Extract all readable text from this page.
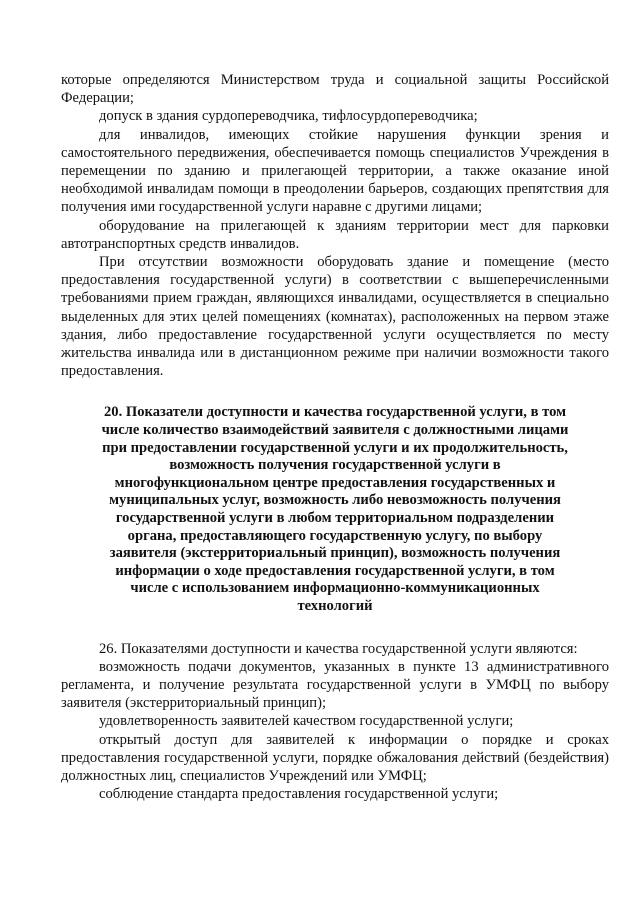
которые определяются Министерством труда и социальной защиты Российской Федерации;

допуск в здания сурдопереводчика, тифлосурдопереводчика;

для инвалидов, имеющих стойкие нарушения функции зрения и самостоятельного передвижения, обеспечивается помощь специалистов Учреждения в перемещении по зданию и прилегающей территории, а также оказание иной необходимой инвалидам помощи в преодолении барьеров, создающих препятствия для получения ими государственной услуги наравне с другими лицами;

оборудование на прилегающей к зданиям территории мест для парковки автотранспортных средств инвалидов.

При отсутствии возможности оборудовать здание и помещение (место предоставления государственной услуги) в соответствии с вышеперечисленными требованиями прием граждан, являющихся инвалидами, осуществляется в специально выделенных для этих целей помещениях (комнатах), расположенных на первом этаже здания, либо предоставление государственной услуги осуществляется по месту жительства инвалида или в дистанционном режиме при наличии возможности такого предоставления.

20. Показатели доступности и качества государственной услуги, в том числе количество взаимодействий заявителя с должностными лицами при предоставлении государственной услуги и их продолжительность, возможность получения государственной услуги в многофункциональном центре предоставления государственных и муниципальных услуг, возможность либо невозможность получения государственной услуги в любом территориальном подразделении органа, предоставляющего государственную услугу, по выбору заявителя (экстерриториальный принцип), возможность получения информации о ходе предоставления государственной услуги, в том числе с использованием информационно-коммуникационных технологий

26. Показателями доступности и качества государственной услуги являются:

возможность подачи документов, указанных в пункте 13 административного регламента, и получение результата государственной услуги в УМФЦ по выбору заявителя (экстерриториальный принцип);

удовлетворенность заявителей качеством государственной услуги;

открытый доступ для заявителей к информации о порядке и сроках предоставления государственной услуги, порядке обжалования действий (бездействия) должностных лиц, специалистов Учреждений или УМФЦ;

соблюдение стандарта предоставления государственной услуги;
